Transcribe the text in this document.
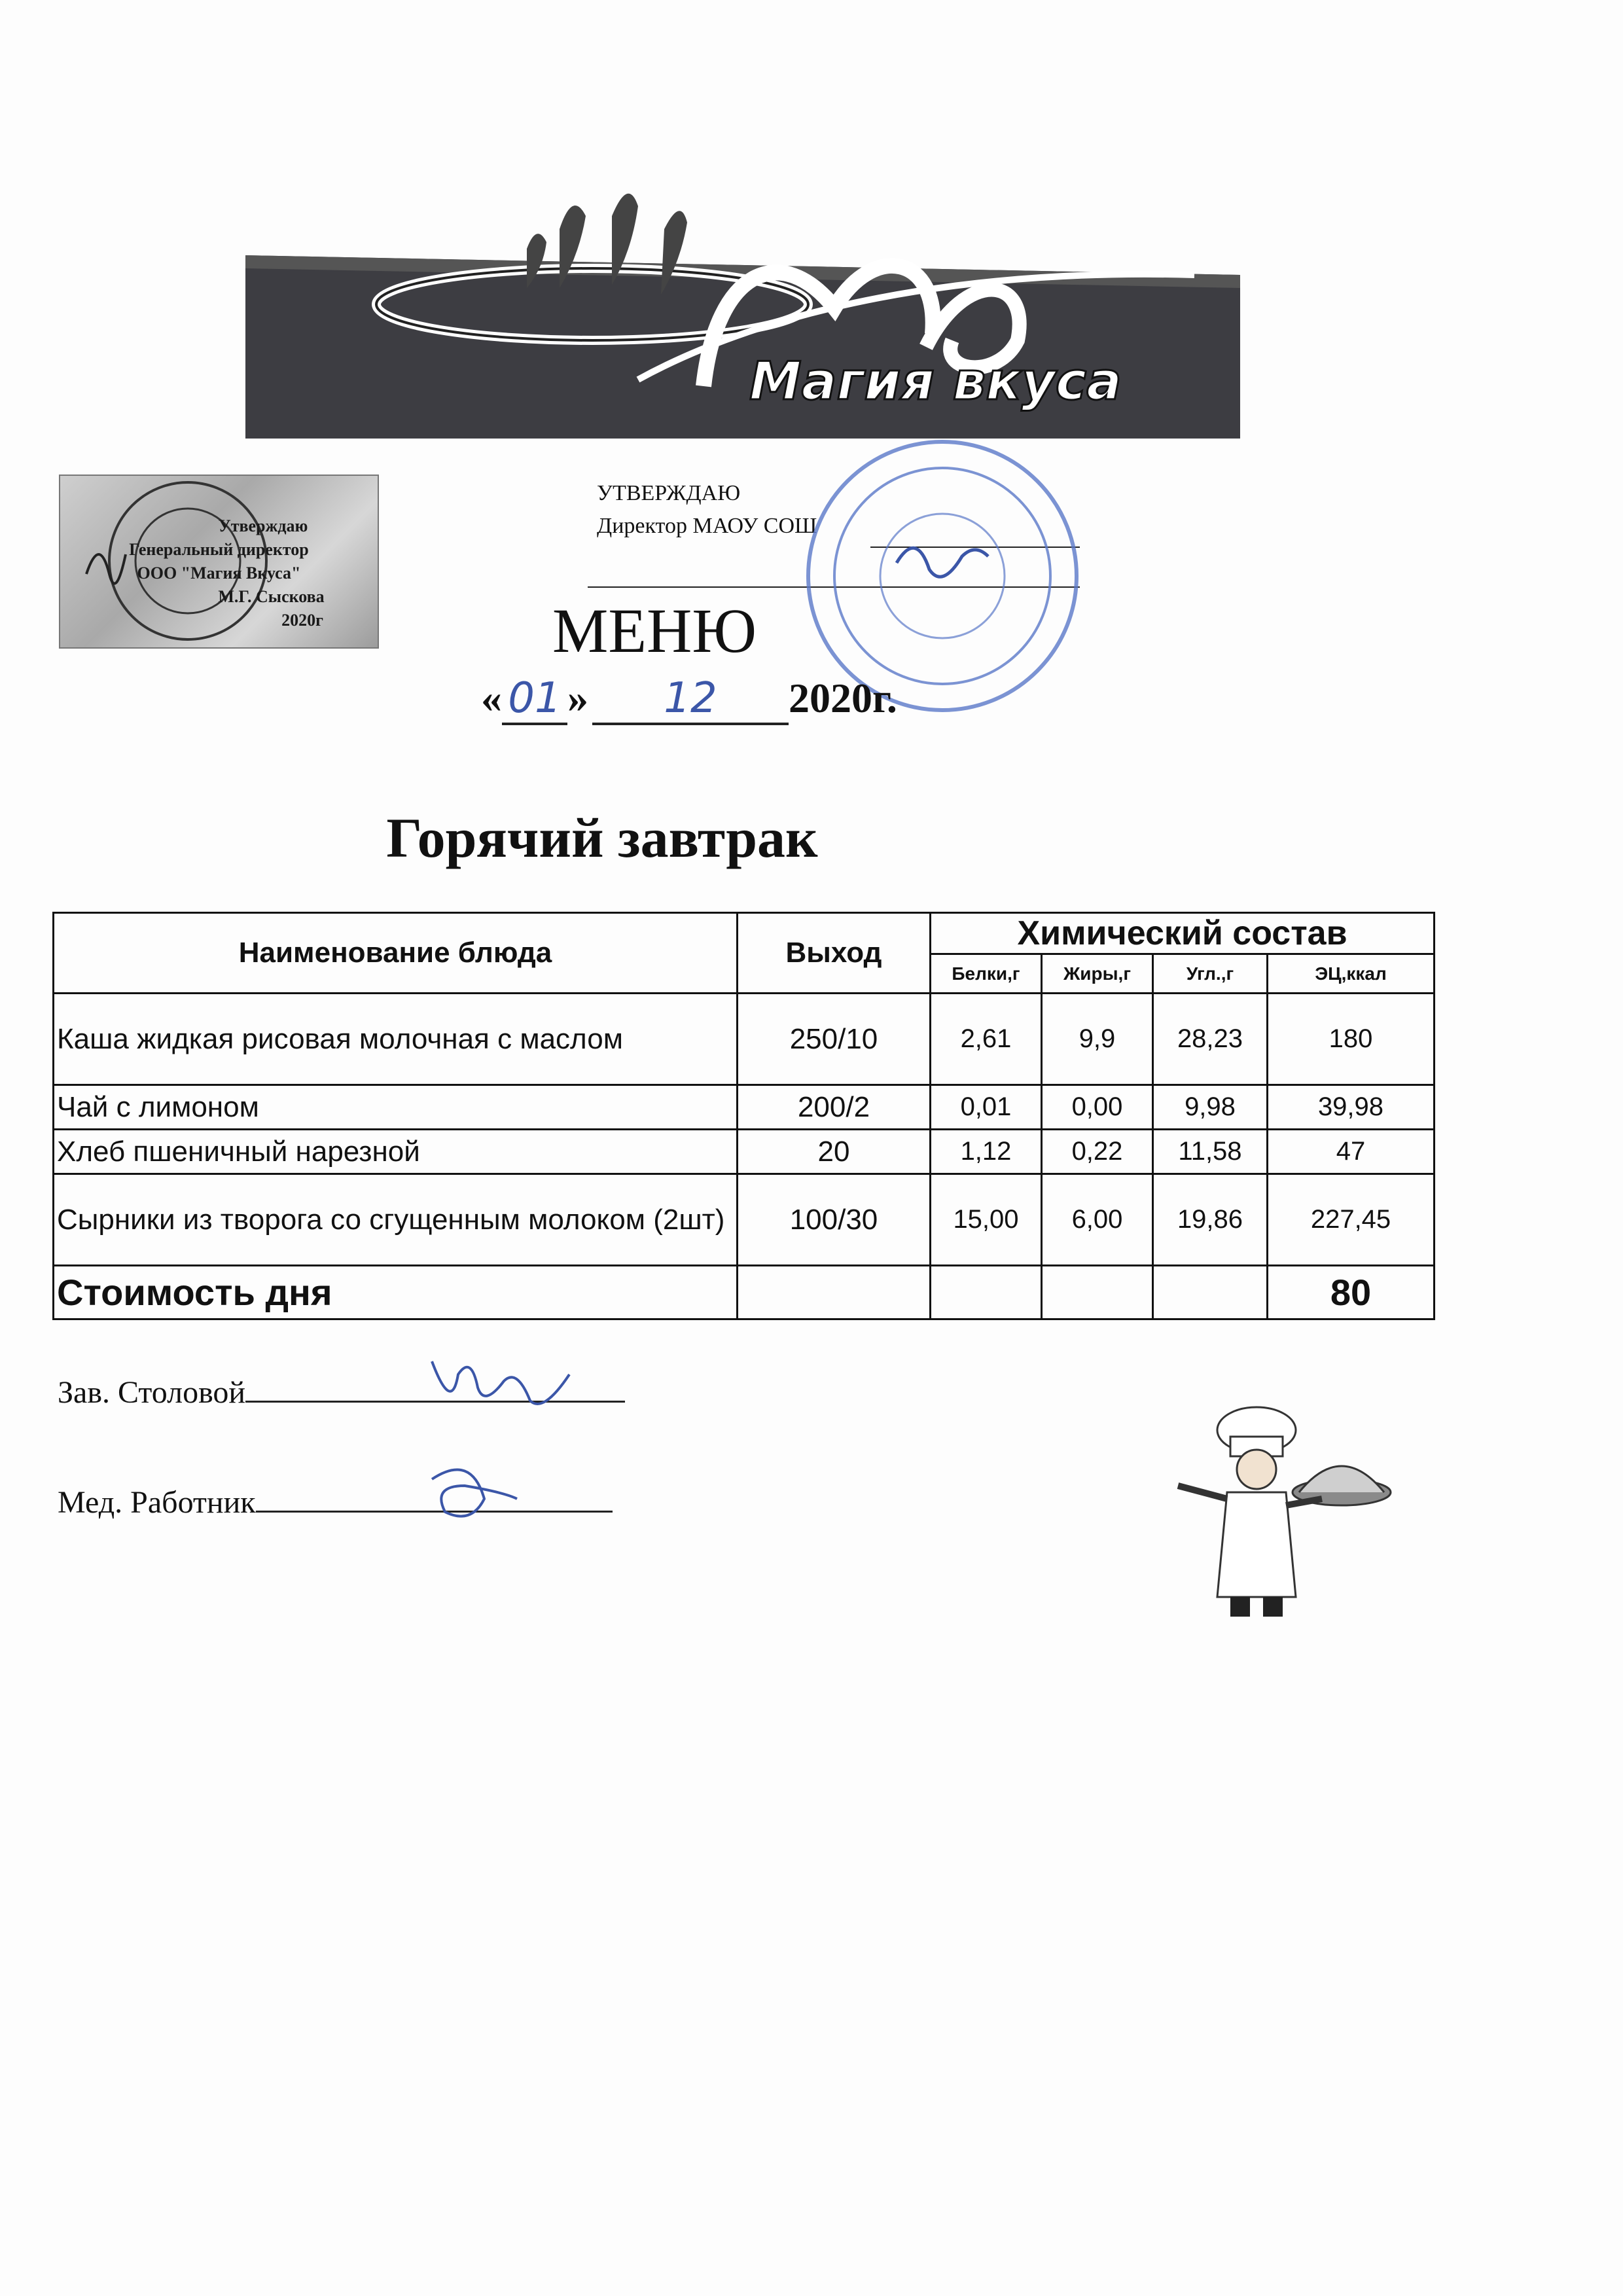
Магия вкуса
Утверждаю
Генеральный директор
ООО "Магия Вкуса"
М.Г. Сыскова
2020г
УТВЕРЖДАЮ
Директор МАОУ СОШ
МЕНЮ
« 01 » 12 2020г.
Горячий завтрак
Наименование блюда	Выход	Химический состав			
		Белки,г	Жиры,г	Угл.,г	ЭЦ,ккал
Каша жидкая рисовая молочная с маслом	250/10	2,61	9,9	28,23	180
Чай с лимоном	200/2	0,01	0,00	9,98	39,98
Хлеб пшеничный нарезной	20	1,12	0,22	11,58	47
Сырники из творога со сгущенным молоком (2шт)	100/30	15,00	6,00	19,86	227,45
Стоимость дня					80
Зав. Столовой
Мед. Работник
